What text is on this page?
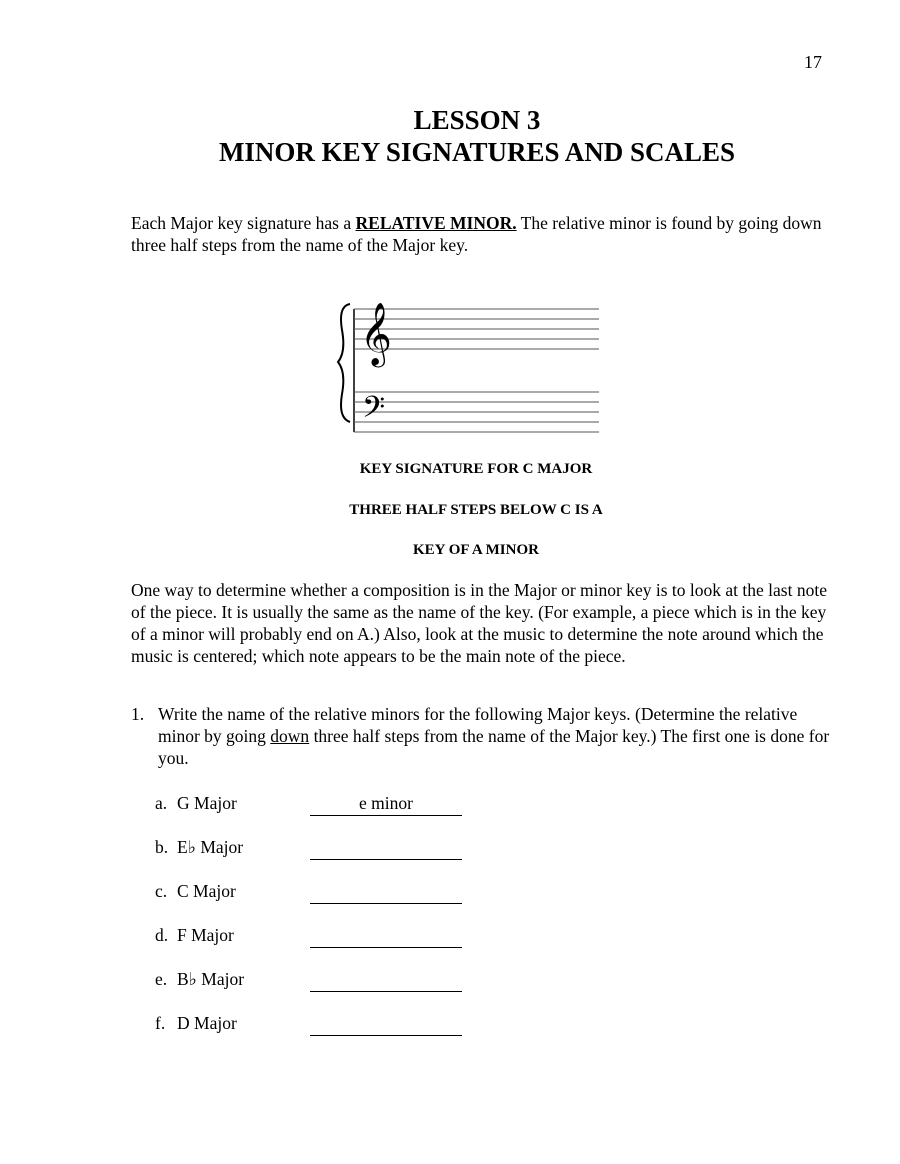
17
LESSON 3
MINOR KEY SIGNATURES AND SCALES
Each Major key signature has a RELATIVE MINOR. The relative minor is found by going down three half steps from the name of the Major key.
𝄞
𝄢
KEY SIGNATURE FOR C MAJOR
THREE HALF STEPS BELOW C IS A
KEY OF A MINOR
One way to determine whether a composition is in the Major or minor key is to look at the last note of the piece. It is usually the same as the name of the key. (For example, a piece which is in the key of a minor will probably end on A.) Also, look at the music to determine the note around which the music is centered; which note appears to be the main note of the piece.
1. Write the name of the relative minors for the following Major keys. (Determine the relative minor by going down three half steps from the name of the Major key.) The first one is done for you.
a. G Major	e minor
b. E♭ Major
c. C Major
d. F Major
e. B♭ Major
f. D Major
